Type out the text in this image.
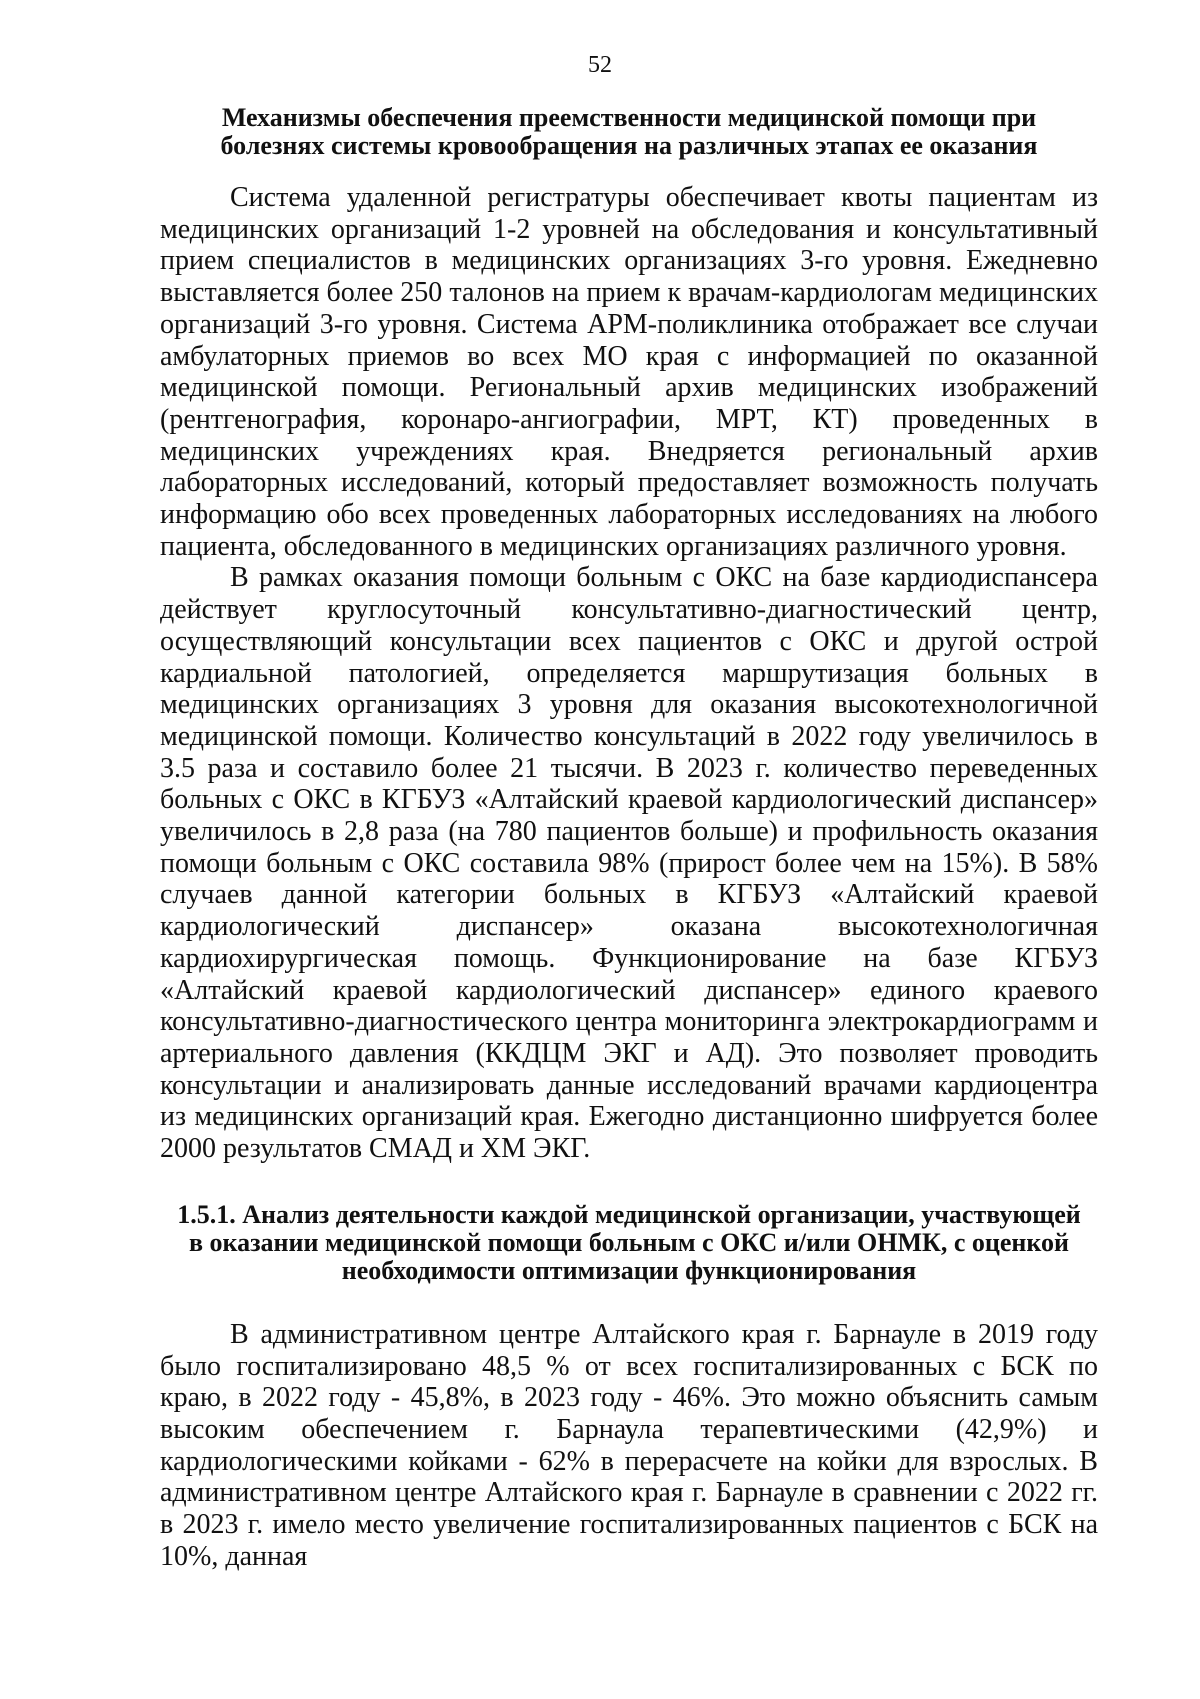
52
Механизмы обеспечения преемственности медицинской помощи при
болезнях системы кровообращения на различных этапах ее оказания

Система удаленной регистратуры обеспечивает квоты пациентам из медицинских организаций 1-2 уровней на обследования и консультативный прием специалистов в медицинских организациях 3-го уровня. Ежедневно выставляется более 250 талонов на прием к врачам-кардиологам медицинских организаций 3-го уровня. Система АРМ-поликлиника отображает все случаи амбулаторных приемов во всех МО края с информацией по оказанной медицинской помощи. Региональный архив медицинских изображений (рентгенография, коронаро-ангиографии, МРТ, КТ) проведенных в медицинских учреждениях края. Внедряется региональный архив лабораторных исследований, который предоставляет возможность получать информацию обо всех проведенных лабораторных исследованиях на любого пациента, обследованного в медицинских организациях различного уровня.

В рамках оказания помощи больным с ОКС на базе кардиодиспансера действует круглосуточный консультативно-диагностический центр, осуществляющий консультации всех пациентов с ОКС и другой острой кардиальной патологией, определяется маршрутизация больных в медицинских организациях 3 уровня для оказания высокотехнологичной медицинской помощи. Количество консультаций в 2022 году увеличилось в 3.5 раза и составило более 21 тысячи. В 2023 г. количество переведенных больных с ОКС в КГБУЗ «Алтайский краевой кардиологический диспансер» увеличилось в 2,8 раза (на 780 пациентов больше) и профильность оказания помощи больным с ОКС составила 98% (прирост более чем на 15%). В 58% случаев данной категории больных в КГБУЗ «Алтайский краевой кардиологический диспансер» оказана высокотехнологичная кардиохирургическая помощь. Функционирование на базе КГБУЗ «Алтайский краевой кардиологический диспансер» единого краевого консультативно-диагностического центра мониторинга электрокардиограмм и артериального давления (ККДЦМ ЭКГ и АД). Это позволяет проводить консультации и анализировать данные исследований врачами кардиоцентра из медицинских организаций края. Ежегодно дистанционно шифруется более 2000 результатов СМАД и ХМ ЭКГ.

1.5.1. Анализ деятельности каждой медицинской организации, участвующей
в оказании медицинской помощи больным с ОКС и/или ОНМК, с оценкой
необходимости оптимизации функционирования

В административном центре Алтайского края г. Барнауле в 2019 году было госпитализировано 48,5 % от всех госпитализированных с БСК по краю, в 2022 году - 45,8%, в 2023 году - 46%. Это можно объяснить самым высоким обеспечением г. Барнаула терапевтическими (42,9%) и кардиологическими койками - 62% в перерасчете на койки для взрослых. В административном центре Алтайского края г. Барнауле в сравнении с 2022 гг. в 2023 г. имело место увеличение госпитализированных пациентов с БСК на 10%, данная
